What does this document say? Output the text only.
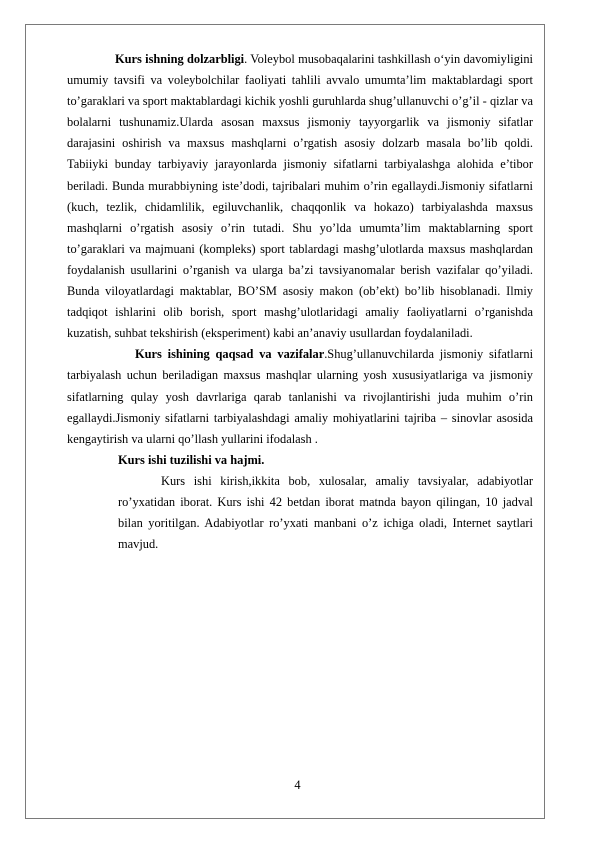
Kurs ishning dolzarbligi. Voleybol musobaqalarini tashkillash o‘yin davomiyligini umumiy tavsifi va voleybolchilar faoliyati tahlili avvalo umumta’lim maktablardagi sport to’garaklari va sport maktablardagi kichik yoshli guruhlarda shug’ullanuvchi o’g’il - qizlar va bolalarni tushunamiz.Ularda asosan maxsus jismoniy tayyorgarlik va jismoniy sifatlar darajasini oshirish va maxsus mashqlarni o’rgatish asosiy dolzarb masala bo’lib qoldi. Tabiiyki bunday tarbiyaviy jarayonlarda jismoniy sifatlarni tarbiyalashga alohida e’tibor beriladi. Bunda murabbiyning iste’dodi, tajribalari muhim o’rin egallaydi.Jismoniy sifatlarni (kuch, tezlik, chidamlilik, egiluvchanlik, chaqqonlik va hokazo) tarbiyalashda maxsus mashqlarni o’rgatish asosiy o’rin tutadi. Shu yo’lda umumta’lim maktablarning sport to’garaklari va majmuani (kompleks) sport tablardagi mashg’ulotlarda maxsus mashqlardan foydalanish usullarini o’rganish va ularga ba’zi tavsiyanomalar berish vazifalar qo’yiladi. Bunda viloyatlardagi maktablar, BO’SM asosiy makon (ob’ekt) bo’lib hisoblanadi. Ilmiy tadqiqot ishlarini olib borish, sport mashg’ulotlaridagi amaliy faoliyatlarni o’rganishda kuzatish, suhbat tekshirish (eksperiment) kabi an’anaviy usullardan foydalaniladi.

Kurs ishining qaqsad va vazifalar.Shug’ullanuvchilarda jismoniy sifatlarni tarbiyalash uchun beriladigan maxsus mashqlar ularning yosh xususiyatlariga va jismoniy sifatlarning qulay yosh davrlariga qarab tanlanishi va rivojlantirishi juda muhim o’rin egallaydi.Jismoniy sifatlarni tarbiyalashdagi amaliy mohiyatlarini tajriba – sinovlar asosida kengaytirish va ularni qo’llash yullarini ifodalash .

Kurs ishi tuzilishi va hajmi.

Kurs ishi kirish,ikkita bob, xulosalar, amaliy tavsiyalar, adabiyotlar ro’yxatidan iborat. Kurs ishi 42 betdan iborat matnda bayon qilingan, 10 jadval bilan yoritilgan. Adabiyotlar ro’yxati manbani o’z ichiga oladi, Internet saytlari mavjud.

4
